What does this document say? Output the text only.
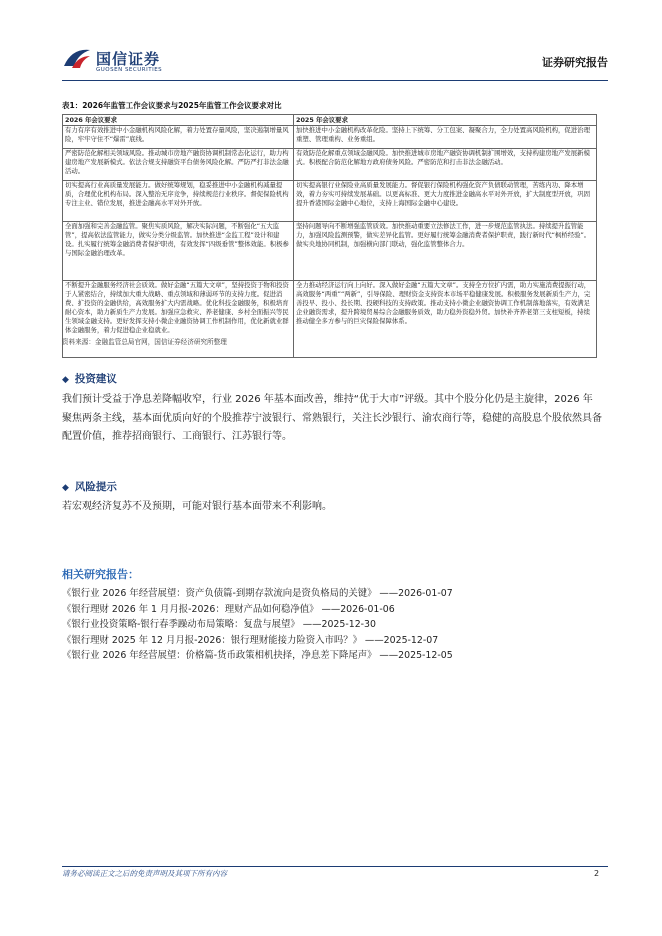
国信证券
GUOSEN SECURITIES
证券研究报告
表1：2026年监管工作会议要求与2025年监管工作会议要求对比
2026 年会议要求	2025 年会议要求
有力有序有效推进中小金融机构风险化解，着力处置存量风险，坚决遏制增量风险，牢牢守住不“爆雷”底线。	加快推进中小金融机构改革化险。坚持上下统筹、分工包案、凝聚合力，全力处置高风险机构，促进治理重塑、管理重构、业务重组。
严密防范化解相关领域风险。推动城市房地产融资协调机制常态化运行，助力构建房地产发展新模式。依法合规支持融资平台债务风险化解。严防严打非法金融活动。	有效防范化解重点领域金融风险。加快推进城市房地产融资协调机制扩围增效，支持构建房地产发展新模式。积极配合防范化解地方政府债务风险。严密防范和打击非法金融活动。
切实提高行业高质量发展能力。做好统筹规划，稳妥推进中小金融机构减量提质，合理优化机构布局。深入整治无序竞争，持续规范行业秩序。督促保险机构专注主业、错位发展，推进金融高水平对外开放。	切实提高银行业保险业高质量发展能力。督促银行保险机构强化资产负债联动管理，苦练内功、降本增效，着力夯实可持续发展基础。以更高标准、更大力度推进金融高水平对外开放，扩大制度型开放，巩固提升香港国际金融中心地位，支持上海国际金融中心建设。
全面加强和完善金融监管。聚焦实质风险，解决实际问题，不断强化“五大监管”，提高依法监管能力，做实分类分级监管。加快推进“金监工程”设计和建设。扎实履行统筹金融消费者保护职责，有效发挥“四级垂管”整体效能。积极参与国际金融治理改革。	坚持问题导向不断增强监管质效。加快推动重要立法修法工作，进一步规范监管执法。持续提升监管能力，加强风险监测预警，做实差异化监管。更好履行统筹金融消费者保护职责，践行新时代“枫桥经验”。做实央地协同机制，加强横向部门联动，强化监管整体合力。
不断提升金融服务经济社会质效。做好金融“五篇大文章”，坚持投资于物和投资于人紧密结合，持续加大重大战略、重点领域和薄弱环节的支持力度。促进消费、扩投资的金融供给，高效服务扩大内需战略。优化科技金融服务，积极培育耐心资本，助力新质生产力发展。加强应急救灾、养老健康、乡村全面振兴等民生领域金融支持。更好发挥支持小微企业融资协调工作机制作用，优化新就业群体金融服务，着力促进稳企业稳就业。	全力推动经济运行向上向好。深入做好金融“五篇大文章”。支持全方位扩内需，助力实施消费提振行动，高效服务“两重”“两新”，引导保险、理财资金支持资本市场平稳健康发展。积极服务发展新质生产力，完善投早、投小、投长期、投硬科技的支持政策。推动支持小微企业融资协调工作机制落地落实，有效满足企业融资需求，提升跨境贸易综合金融服务质效，助力稳外资稳外贸。加快补齐养老第三支柱短板，持续推动健全多方参与的巨灾保险保障体系。
资料来源：金融监管总局官网，国信证券经济研究所整理
◆ 投资建议
我们预计受益于净息差降幅收窄，行业 2026 年基本面改善，维持“优于大市”评级。其中个股分化仍是主旋律，2026 年聚焦两条主线，基本面优质向好的个股推荐宁波银行、常熟银行，关注长沙银行、渝农商行等，稳健的高股息个股依然具备配置价值，推荐招商银行、工商银行、江苏银行等。
◆ 风险提示
若宏观经济复苏不及预期，可能对银行基本面带来不利影响。
相关研究报告：
《银行业 2026 年经营展望：资产负债篇-到期存款流向是资负格局的关键》 ——2026-01-07
《银行理财 2026 年 1 月月报-2026：理财产品如何稳净值》 ——2026-01-06
《银行业投资策略-银行春季躁动布局策略：复盘与展望》 ——2025-12-30
《银行理财 2025 年 12 月月报-2026：银行理财能接力险资入市吗？》 ——2025-12-07
《银行业 2026 年经营展望：价格篇-货币政策相机抉择，净息差下降尾声》 ——2025-12-05
请务必阅读正文之后的免责声明及其项下所有内容	2
